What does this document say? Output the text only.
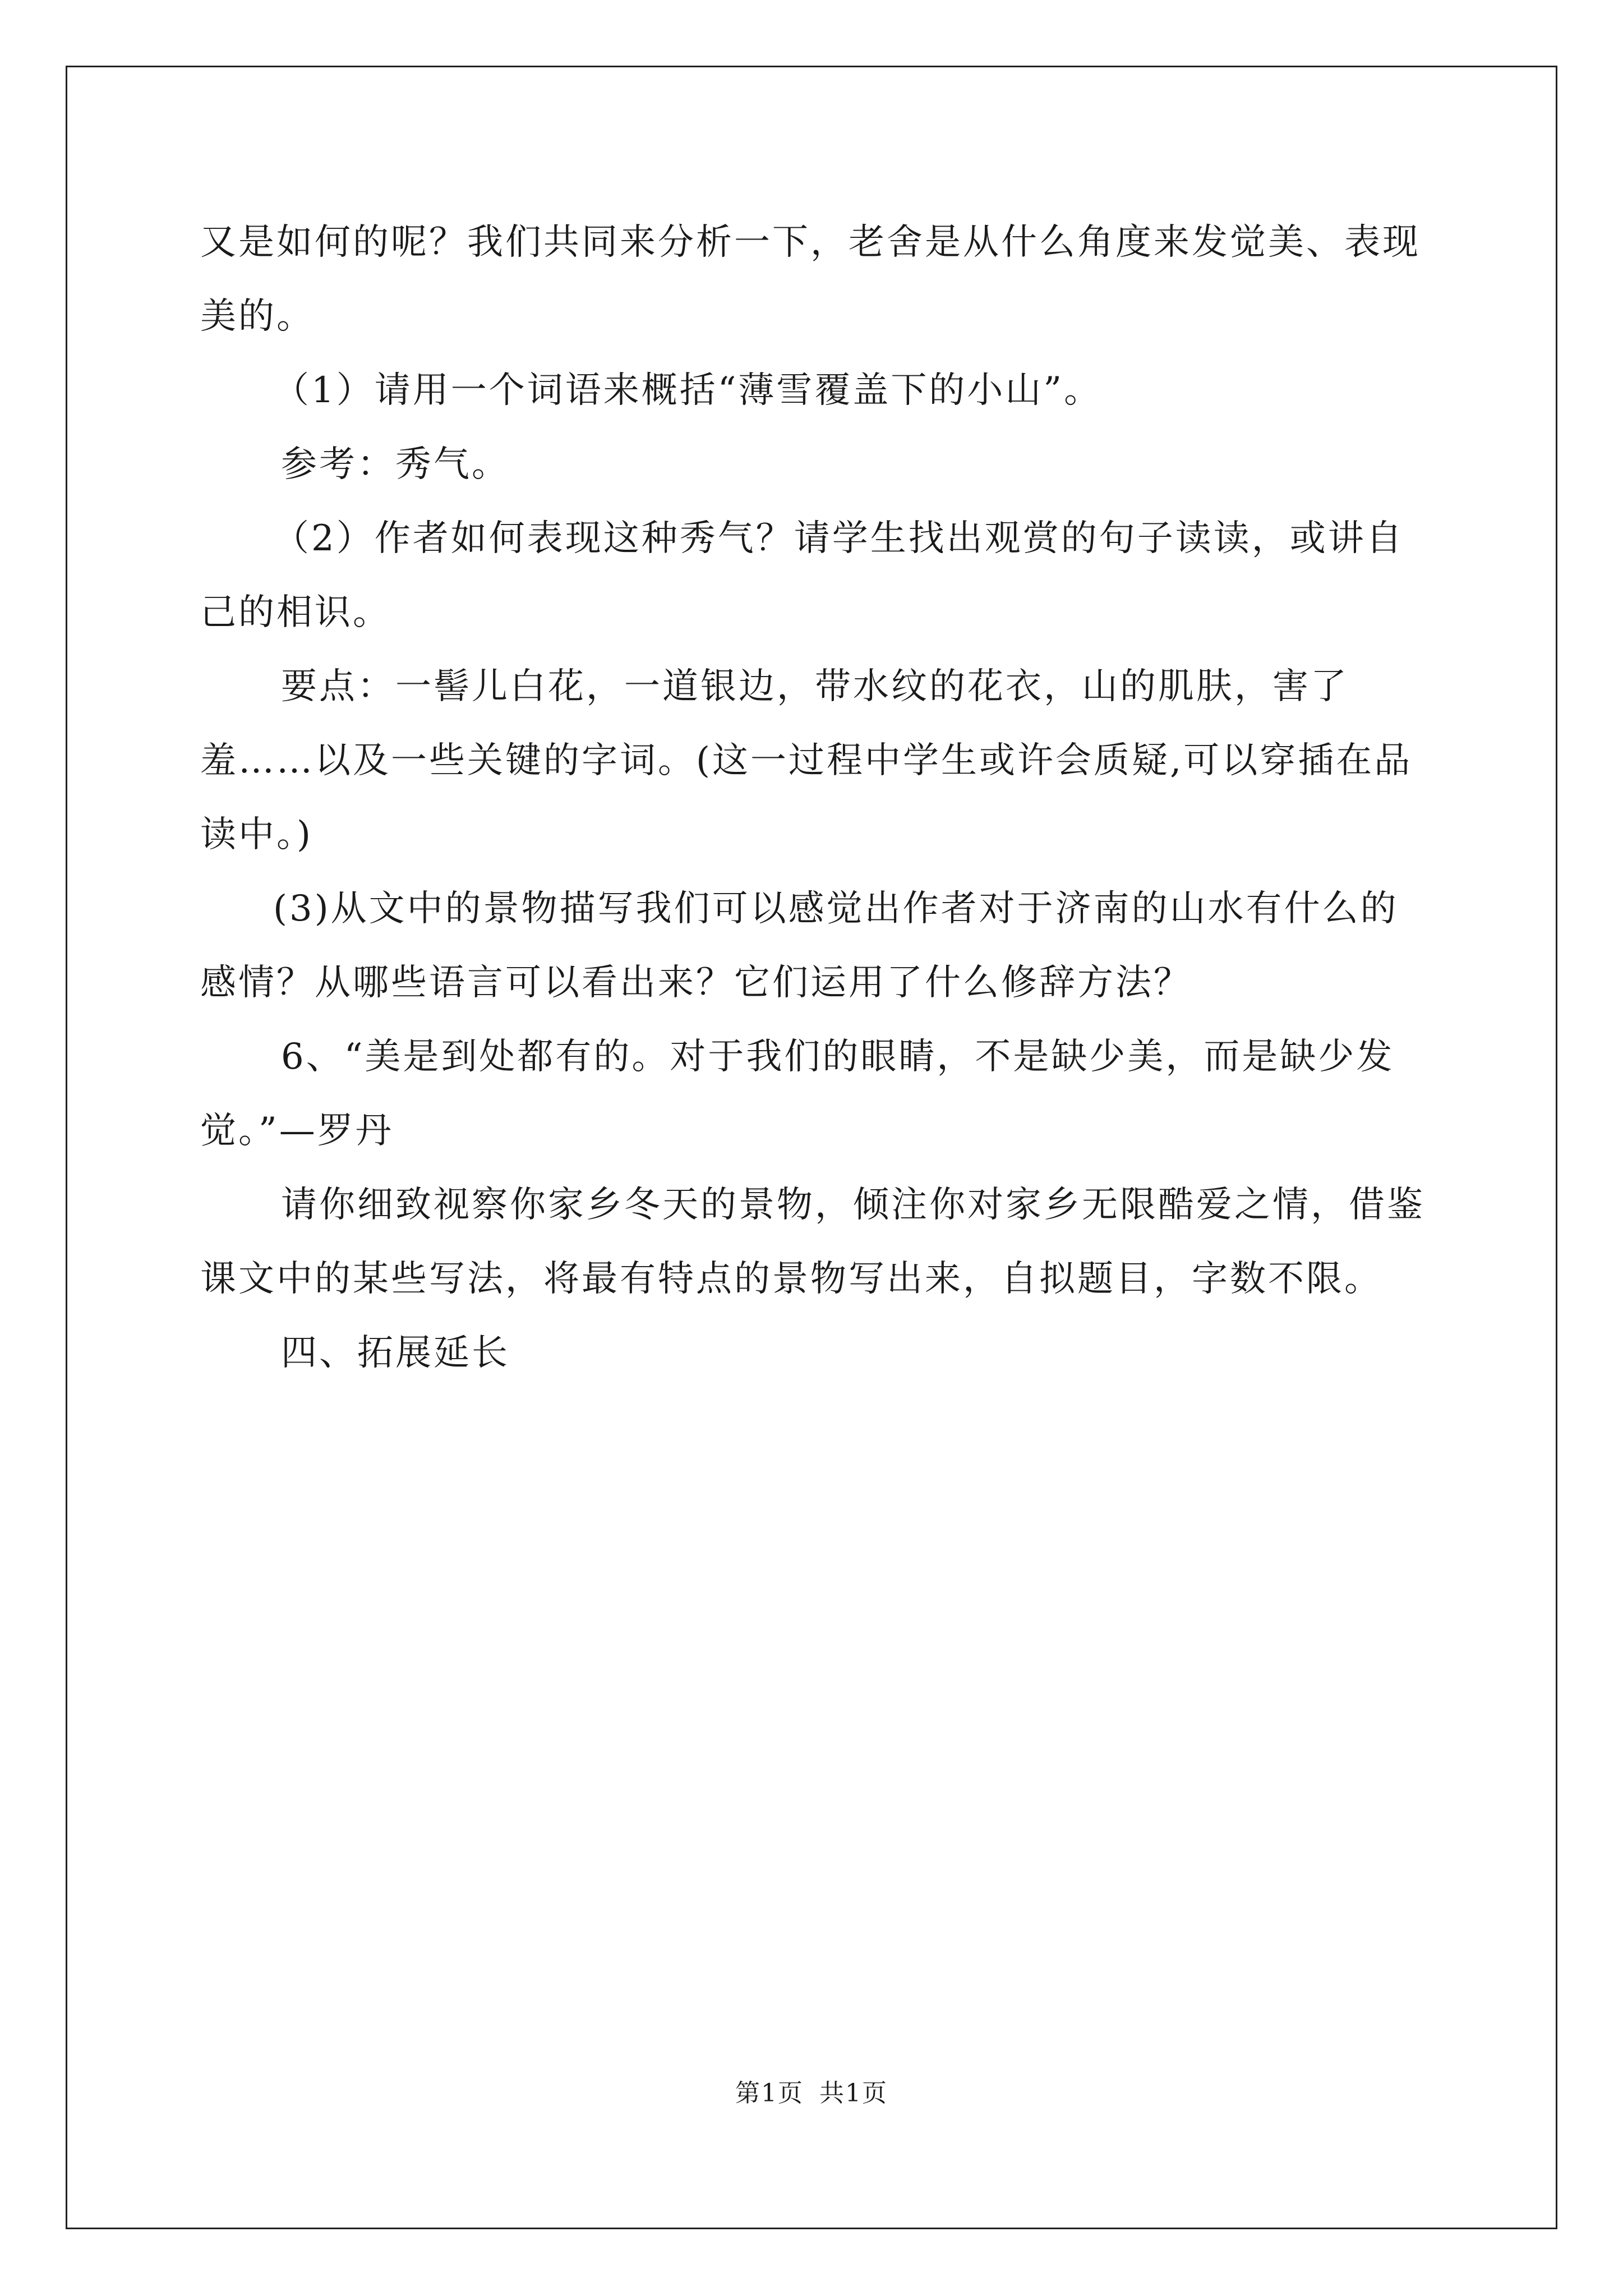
又是如何的呢？我们共同来分析一下，老舍是从什么角度来发觉美、表现美的。

（1）请用一个词语来概括“薄雪覆盖下的小山”。

参考：秀气。

（2）作者如何表现这种秀气？请学生找出观赏的句子读读，或讲自己的相识。

要点：一髻儿白花，一道银边，带水纹的花衣，山的肌肤，害了羞……以及一些关键的字词。(这一过程中学生或许会质疑,可以穿插在品读中。)

(3)从文中的景物描写我们可以感觉出作者对于济南的山水有什么的感情？从哪些语言可以看出来？它们运用了什么修辞方法？

6、“美是到处都有的。对于我们的眼睛，不是缺少美，而是缺少发觉。”—罗丹

请你细致视察你家乡冬天的景物，倾注你对家乡无限酷爱之情，借鉴课文中的某些写法，将最有特点的景物写出来，自拟题目，字数不限。

四、拓展延长

第1页 共1页
